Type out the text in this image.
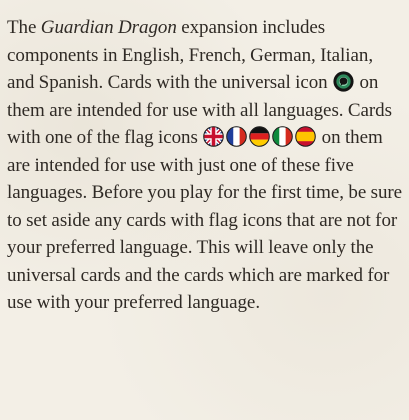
The Guardian Dragon expansion includes components in English, French, German, Italian, and Spanish. Cards with the universal icon
on them are intended for use with all languages. Cards with one of the flag icons	on them are intended for use with just one of these five languages. Before you play for the first time, be sure to set aside any cards with flag icons that are not for your preferred language. This will leave only the universal cards and the cards which are marked for use with your preferred language.
